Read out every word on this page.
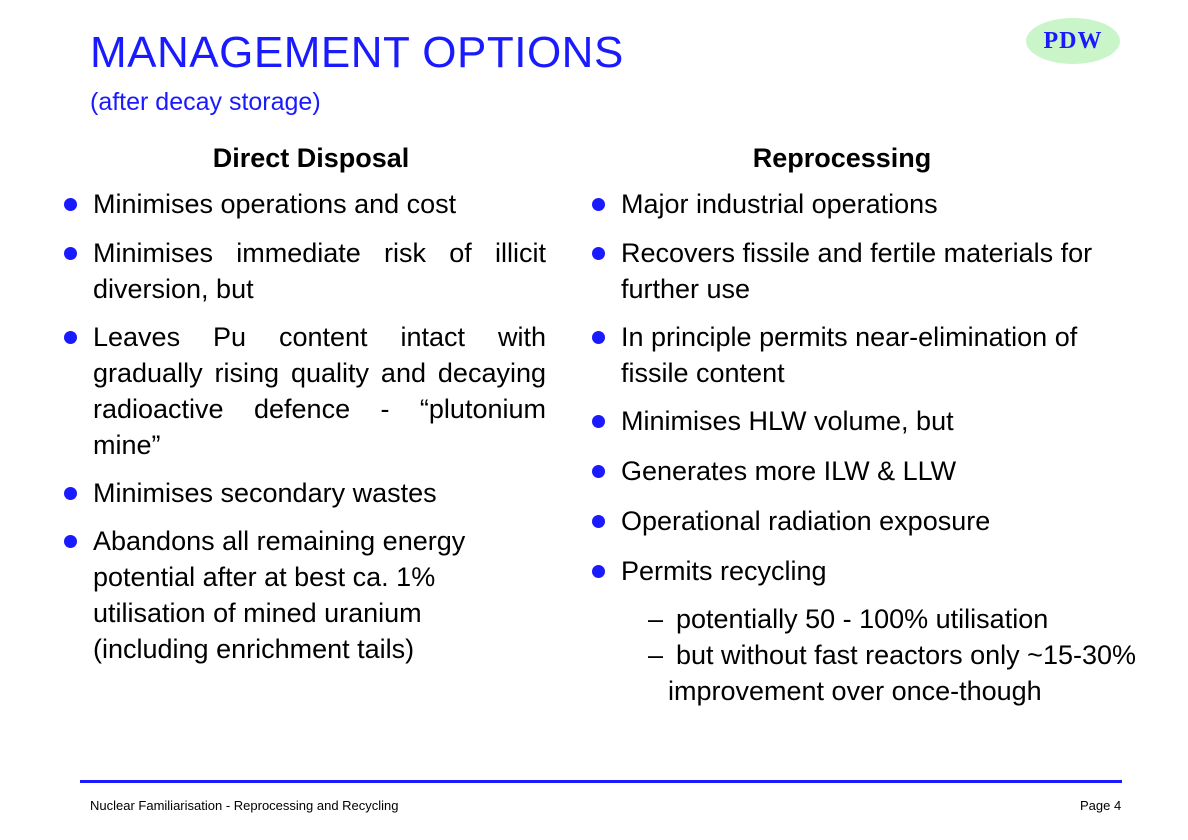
MANAGEMENT OPTIONS
(after decay storage)
PDW
Direct Disposal
Minimises operations and cost
Minimises immediate risk of illicit diversion, but
Leaves Pu content intact with gradually rising quality and decaying radioactive defence - “plutonium mine”
Minimises secondary wastes
Abandons all remaining energy potential after at best ca. 1% utilisation of mined uranium (including enrichment tails)
Reprocessing
Major industrial operations
Recovers fissile and fertile materials for further use
In principle permits near-elimination of fissile content
Minimises HLW volume, but
Generates more ILW & LLW
Operational radiation exposure
Permits recycling
– potentially 50 - 100% utilisation
– but without fast reactors only ~15-30% improvement over once-though
Nuclear Familiarisation - Reprocessing and Recycling	Page 4
